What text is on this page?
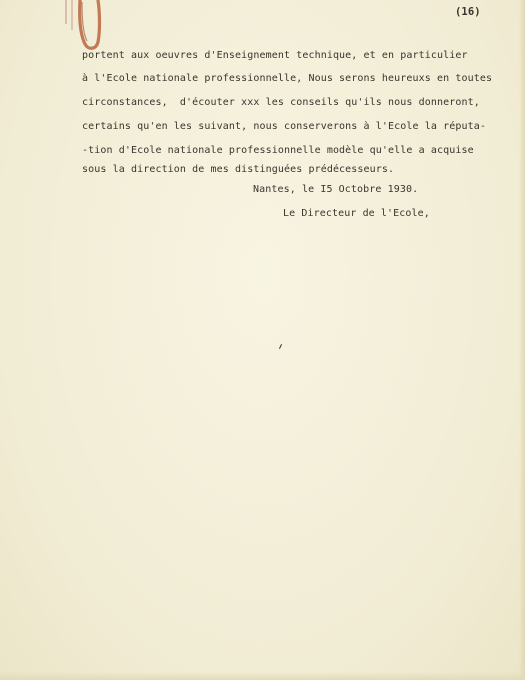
(16)
portent aux oeuvres d'Enseignement technique, et en particulier
à l'Ecole nationale professionnelle, Nous serons heureuxs en toutes
circonstances,  d'écouter xxx les conseils qu'ils nous donneront,
certains qu'en les suivant, nous conserverons à l'Ecole la réputa-
-tion d'Ecole nationale professionnelle modèle qu'elle a acquise
sous la direction de mes distinguées prédécesseurs.
Nantes, le I5 Octobre 1930.
Le Directeur de l'Ecole,
